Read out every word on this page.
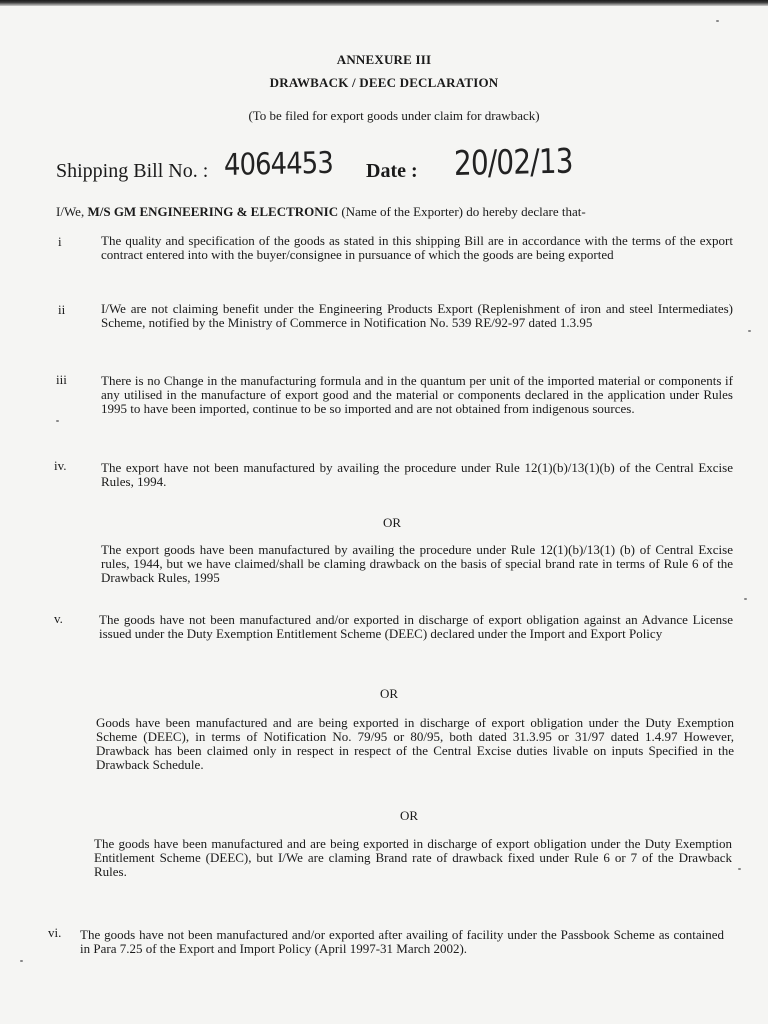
ANNEXURE III
DRAWBACK / DEEC DECLARATION
(To be filed for export goods under claim for drawback)
Shipping Bill No. : 4064453 Date : 20/02/13
I/We, M/S GM ENGINEERING & ELECTRONIC (Name of the Exporter) do hereby declare that-
i	The quality and specification of the goods as stated in this shipping Bill are in accordance with the terms of the export contract entered into with the buyer/consignee in pursuance of which the goods are being exported
ii	I/We are not claiming benefit under the Engineering Products Export (Replenishment of iron and steel Intermediates) Scheme, notified by the Ministry of Commerce in Notification No. 539 RE/92-97 dated 1.3.95
iii	There is no Change in the manufacturing formula and in the quantum per unit of the imported material or components if any utilised in the manufacture of export good and the material or components declared in the application under Rules 1995 to have been imported, continue to be so imported and are not obtained from indigenous sources.
iv.	The export have not been manufactured by availing the procedure under Rule 12(1)(b)/13(1)(b) of the Central Excise Rules, 1994.
OR
The export goods have been manufactured by availing the procedure under Rule 12(1)(b)/13(1) (b) of Central Excise rules, 1944, but we have claimed/shall be claming drawback on the basis of special brand rate in terms of Rule 6 of the Drawback Rules, 1995
v.	The goods have not been manufactured and/or exported in discharge of export obligation against an Advance License issued under the Duty Exemption Entitlement Scheme (DEEC) declared under the Import and Export Policy
OR
Goods have been manufactured and are being exported in discharge of export obligation under the Duty Exemption Scheme (DEEC), in terms of Notification No. 79/95 or 80/95, both dated 31.3.95 or 31/97 dated 1.4.97 However, Drawback has been claimed only in respect in respect of the Central Excise duties livable on inputs Specified in the Drawback Schedule.
OR
The goods have been manufactured and are being exported in discharge of export obligation under the Duty Exemption Entitlement Scheme (DEEC), but I/We are claming Brand rate of drawback fixed under Rule 6 or 7 of the Drawback Rules.
vi. The goods have not been manufactured and/or exported after availing of facility under the Passbook Scheme as contained in Para 7.25 of the Export and Import Policy (April 1997-31 March 2002).
